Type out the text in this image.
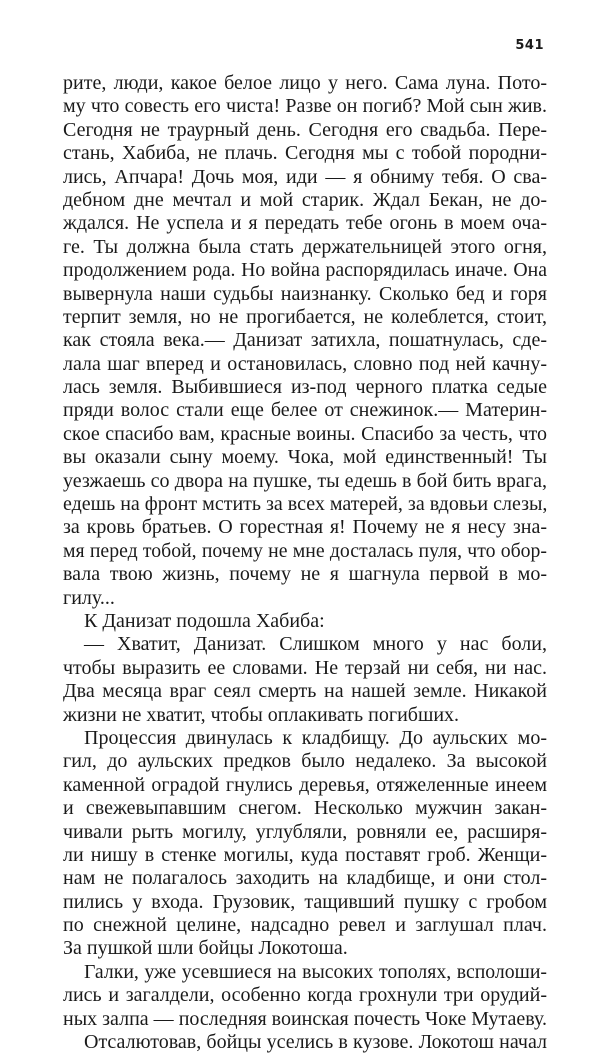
541
рите, люди, какое белое лицо у него. Сама луна. Пото-
му что совесть его чиста! Разве он погиб? Мой сын жив.
Сегодня не траурный день. Сегодня его свадьба. Пере-
стань, Хабиба, не плачь. Сегодня мы с тобой породни-
лись, Апчара! Дочь моя, иди — я обниму тебя. О сва-
дебном дне мечтал и мой старик. Ждал Бекан, не до-
ждался. Не успела и я передать тебе огонь в моем оча-
ге. Ты должна была стать держательницей этого огня,
продолжением рода. Но война распорядилась иначе. Она
вывернула наши судьбы наизнанку. Сколько бед и горя
терпит земля, но не прогибается, не колеблется, стоит,
как стояла века.— Данизат затихла, пошатнулась, сде-
лала шаг вперед и остановилась, словно под ней качну-
лась земля. Выбившиеся из-под черного платка седые
пряди волос стали еще белее от снежинок.— Материн-
ское спасибо вам, красные воины. Спасибо за честь, что
вы оказали сыну моему. Чока, мой единственный! Ты
уезжаешь со двора на пушке, ты едешь в бой бить врага,
едешь на фронт мстить за всех матерей, за вдовьи слезы,
за кровь братьев. О горестная я! Почему не я несу зна-
мя перед тобой, почему не мне досталась пуля, что обор-
вала твою жизнь, почему не я шагнула первой в мо-
гилу...
К Данизат подошла Хабиба:
— Хватит, Данизат. Слишком много у нас боли,
чтобы выразить ее словами. Не терзай ни себя, ни нас.
Два месяца враг сеял смерть на нашей земле. Никакой
жизни не хватит, чтобы оплакивать погибших.
Процессия двинулась к кладбищу. До аульских мо-
гил, до аульских предков было недалеко. За высокой
каменной оградой гнулись деревья, отяжеленные инеем
и свежевыпавшим снегом. Несколько мужчин закан-
чивали рыть могилу, углубляли, ровняли ее, расширя-
ли нишу в стенке могилы, куда поставят гроб. Женщи-
нам не полагалось заходить на кладбище, и они стол-
пились у входа. Грузовик, тащивший пушку с гробом
по снежной целине, надсадно ревел и заглушал плач.
За пушкой шли бойцы Локотоша.
Галки, уже усевшиеся на высоких тополях, всполоши-
лись и загалдели, особенно когда грохнули три орудий-
ных залпа — последняя воинская почесть Чоке Мутаеву.
Отсалютовав, бойцы уселись в кузове. Локотош начал
